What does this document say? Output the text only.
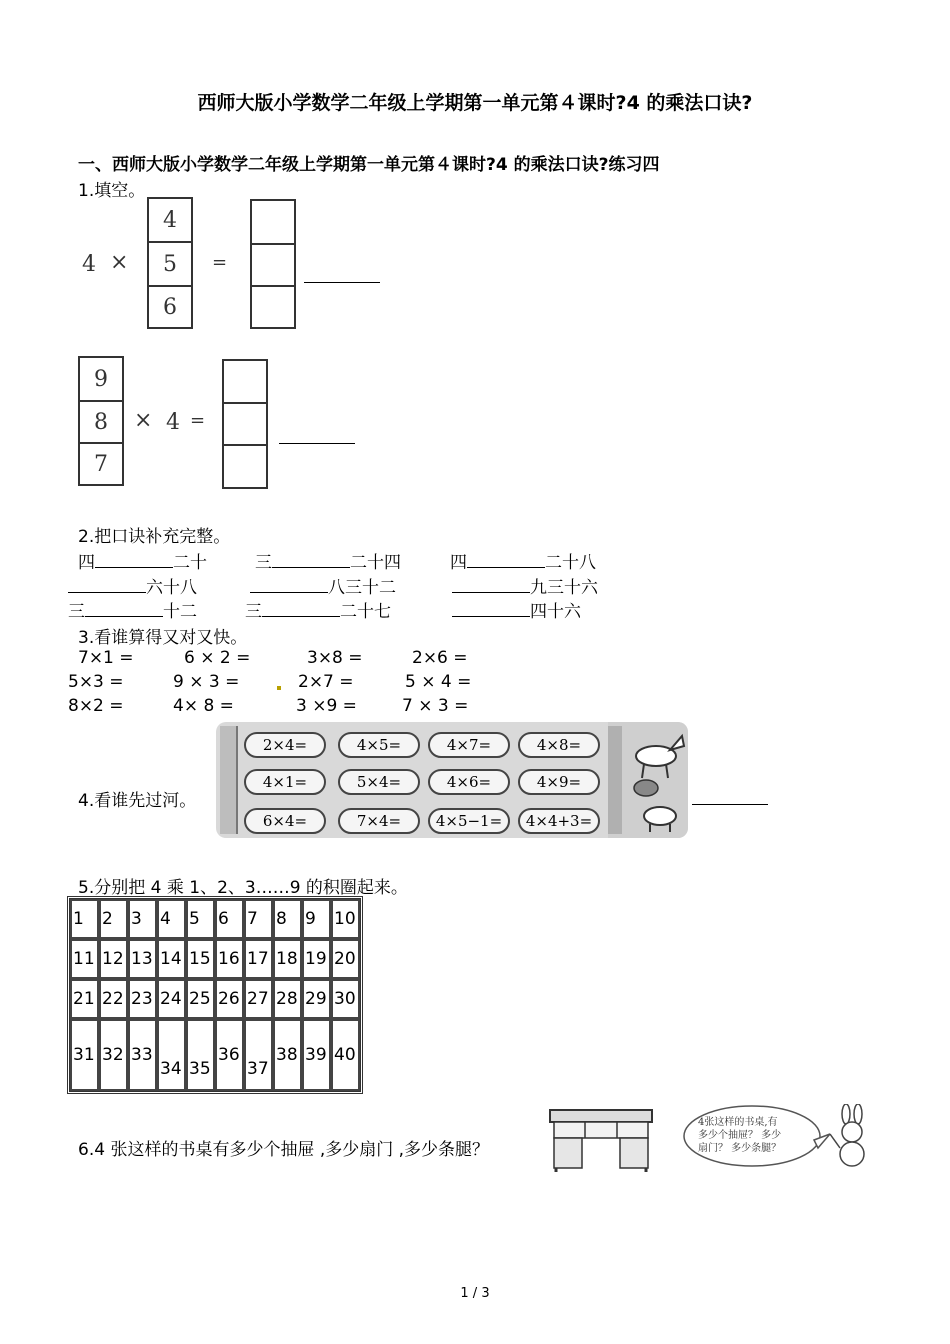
西师大版小学数学二年级上学期第一单元第４课时?4 的乘法口诀?
一、西师大版小学数学二年级上学期第一单元第４课时?4 的乘法口诀?练习四
1.填空。
4 ×
4
5
6
=
9
8
7
× 4 =
2.把口诀补充完整。
四	二十	三	二十四	四	二十八
六十八	八三十二	九三十六
三	十二	三	二十七	四十六
3.看谁算得又对又快。
7×1 =	6 × 2 =	3×8 =	2×6 =
5×3 =	9 × 3 =	2×7 =	5 × 4 =
8×2 =	4× 8 =	3 ×9 =	7 × 3 =
4.看谁先过河。
2×4=	4×5=	4×7=	4×8=
4×1=	5×4=	4×6=	4×9=
6×4=	7×4=	4×5−1=	4×4+3=
5.分别把 4 乘 1、2、3……9 的积圈起来。
1	2	3	4	5	6	7	8	9	10
11	12	13	14	15	16	17	18	19	20
21	22	23	24	25	26	27	28	29	30
31	32	33	34	35	36	37	38	39	40
6.4 张这样的书桌有多少个抽屉 ,多少扇门 ,多少条腿？
4张这样的书桌,有
多少个抽屉？ 多少
扇门？ 多少条腿？
1 / 3
